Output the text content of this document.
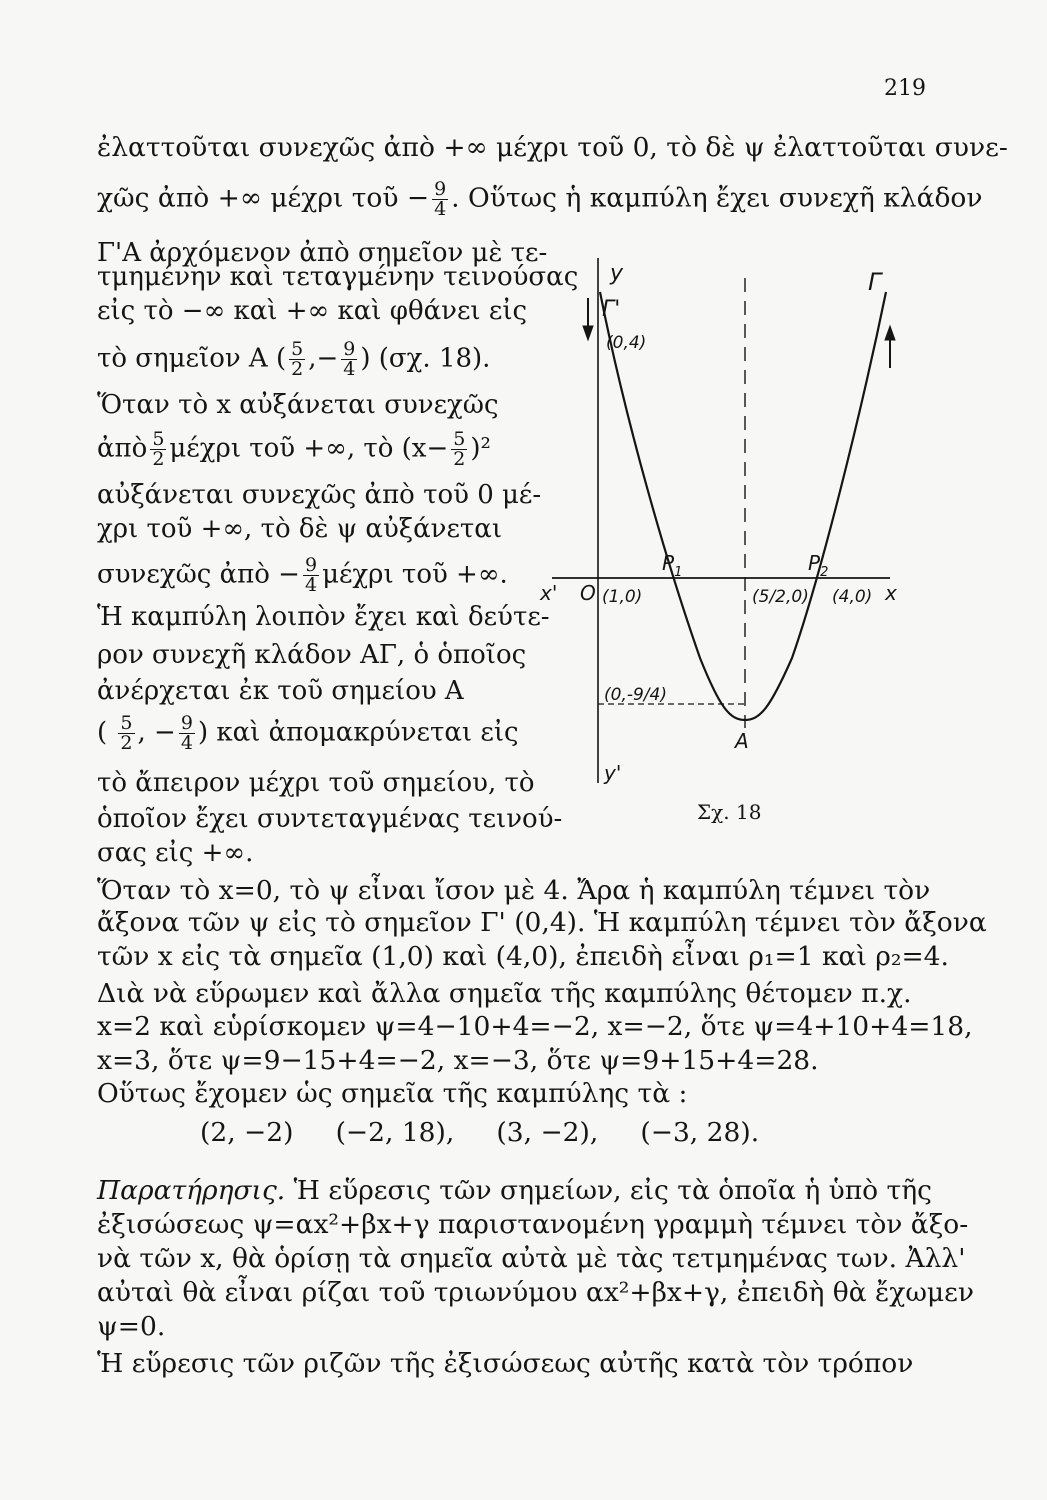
219
ἐλαττοῦται συνεχῶς ἀπὸ +∞ μέχρι τοῦ 0, τὸ δὲ ψ ἐλαττοῦται συνε-
χῶς ἀπὸ +∞ μέχρι τοῦ − $\frac{9}{4}$ . Οὕτως ἡ καμπύλη ἔχει συνεχῆ κλάδον
Γ'Α ἀρχόμενον ἀπὸ σημεῖον μὲ τε-
τμημένην καὶ τεταγμένην τεινούσας
εἰς τὸ −∞ καὶ +∞ καὶ φθάνει εἰς
τὸ σημεῖον Α ( $\frac{5}{2}$ ,− $\frac{9}{4}$ ) (σχ. 18).
Ὅταν τὸ x αὐξάνεται συνεχῶς
ἀπὸ $\frac{5}{2}$ μέχρι τοῦ +∞, τὸ $(x- \frac{5}{2} )^2$
αὐξάνεται συνεχῶς ἀπὸ τοῦ 0 μέ-
χρι τοῦ +∞, τὸ δὲ ψ αὐξάνεται
συνεχῶς ἀπὸ − $\frac{9}{4}$ μέχρι τοῦ +∞.
Ἡ καμπύλη λοιπὸν ἔχει καὶ δεύτε-
ρον συνεχῆ κλάδον ΑΓ, ὁ ὁποῖος
ἀνέρχεται ἐκ τοῦ σημείου Α
( $\frac{5}{2}$ , − $\frac{9}{4}$ ) καὶ ἀπομακρύνεται εἰς
τὸ ἄπειρον μέχρι τοῦ σημείου, τὸ
ὁποῖον ἔχει συντεταγμένας τεινού-
σας εἰς +∞.
y
Γ'
Γ
(0,4)
x' O (1,0)
$P_1$	$P_2$
(5/2,0) (4,0) x
(0,-9/4)
A
y'
Σχ. 18
Ὅταν τὸ x=0, τὸ ψ εἶναι ἴσον μὲ 4. Ἄρα ἡ καμπύλη τέμνει τὸν
ἄξονα τῶν ψ εἰς τὸ σημεῖον Γ' (0,4). Ἡ καμπύλη τέμνει τὸν ἄξονα
τῶν x εἰς τὰ σημεῖα (1,0) καὶ (4,0), ἐπειδὴ εἶναι ρ₁=1 καὶ ρ₂=4.
Διὰ νὰ εὕρωμεν καὶ ἄλλα σημεῖα τῆς καμπύλης θέτομεν π.χ.
x=2 καὶ εὑρίσκομεν ψ=4−10+4=−2, x=−2, ὅτε ψ=4+10+4=18,
x=3, ὅτε ψ=9−15+4=−2, x=−3, ὅτε ψ=9+15+4=28.
Οὕτως ἔχομεν ὡς σημεῖα τῆς καμπύλης τὰ :
(2, −2)     (−2, 18),     (3, −2),     (−3, 28).
Παρατήρησις. Ἡ εὕρεσις τῶν σημείων, εἰς τὰ ὁποῖα ἡ ὑπὸ τῆς
ἐξισώσεως ψ=αx²+βx+γ παριστανομένη γραμμὴ τέμνει τὸν ἄξο-
νὰ τῶν x, θὰ ὁρίσῃ τὰ σημεῖα αὐτὰ μὲ τὰς τετμημένας των. Ἀλλ'
αὐταὶ θὰ εἶναι ρίζαι τοῦ τριωνύμου αx²+βx+γ, ἐπειδὴ θὰ ἔχωμεν
ψ=0.
Ἡ εὕρεσις τῶν ριζῶν τῆς ἐξισώσεως αὐτῆς κατὰ τὸν τρόπον
